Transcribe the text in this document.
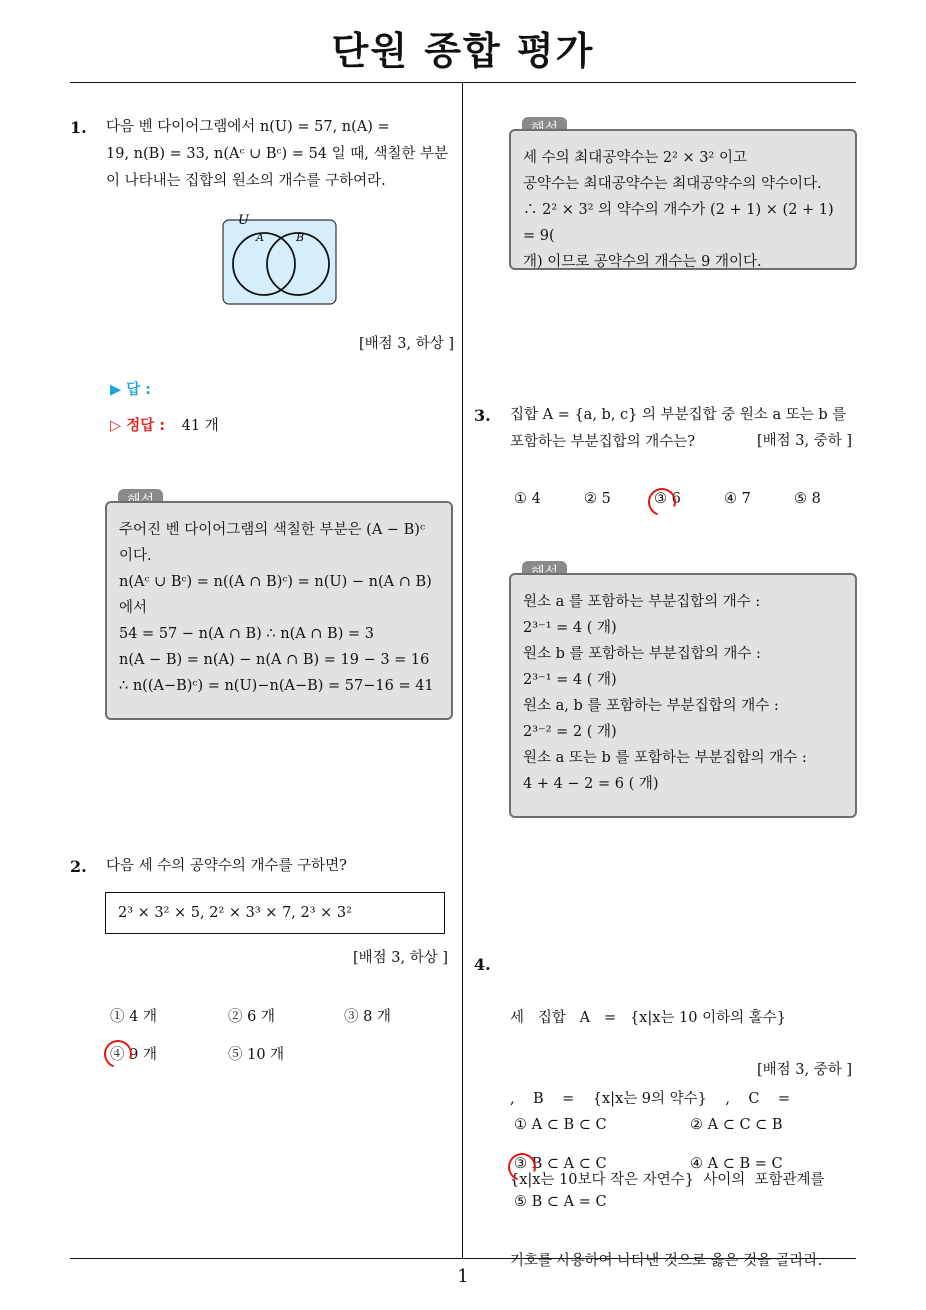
단원 종합 평가
1. 다음 벤 다이어그램에서 n(U) = 57, n(A) =
19, n(B) = 33, n(Aᶜ ∪ Bᶜ) = 54 일 때, 색칠한 부분
이 나타내는 집합의 원소의 개수를 구하여라.
U
A	B
[배점 3, 하상 ]
▶ 답 :
▷ 정답 : 41 개
주어진 벤 다이어그램의 색칠한 부분은 (A − B)ᶜ
이다.
n(Aᶜ ∪ Bᶜ) = n((A ∩ B)ᶜ) = n(U) − n(A ∩ B)
에서
54 = 57 − n(A ∩ B) ∴ n(A ∩ B) = 3
n(A − B) = n(A) − n(A ∩ B) = 19 − 3 = 16
∴ n((A−B)ᶜ) = n(U)−n(A−B) = 57−16 = 41
2. 다음 세 수의 공약수의 개수를 구하면?
2³ × 3² × 5, 2² × 3³ × 7, 2³ × 3²
[배점 3, 하상 ]
① 4 개	② 6 개	③ 8 개
④ 9 개	⑤ 10 개
세 수의 최대공약수는 2² × 3² 이고
공약수는 최대공약수는 최대공약수의 약수이다.
∴ 2² × 3² 의 약수의 개수가 (2 + 1) × (2 + 1) = 9(
개) 이므로 공약수의 개수는 9 개이다.
3. 집합 A = {a, b, c} 의 부분집합 중 원소 a 또는 b 를
포함하는 부분집합의 개수는?	[배점 3, 중하 ]
① 4	② 5	③ 6	④ 7	⑤ 8
원소 a 를 포함하는 부분집합의 개수 :
2³⁻¹ = 4 ( 개)
원소 b 를 포함하는 부분집합의 개수 :
2³⁻¹ = 4 ( 개)
원소 a, b 를 포함하는 부분집합의 개수 :
2³⁻² = 2 ( 개)
원소 a 또는 b 를 포함하는 부분집합의 개수 :
4 + 4 − 2 = 6 ( 개)
4.

세   집합   A   =   {x|x는 10 이하의 홀수}

,    B    =    {x|x는 9의 약수}    ,    C    =

{x|x는 10보다 작은 자연수}  사이의  포함관계를

기호를 사용하여 나타낸 것으로 옳은 것을 골라라.

[배점 3, 중하 ]
① A ⊂ B ⊂ C	② A ⊂ C ⊂ B
③ B ⊂ A ⊂ C	④ A ⊂ B = C
⑤ B ⊂ A = C
1
